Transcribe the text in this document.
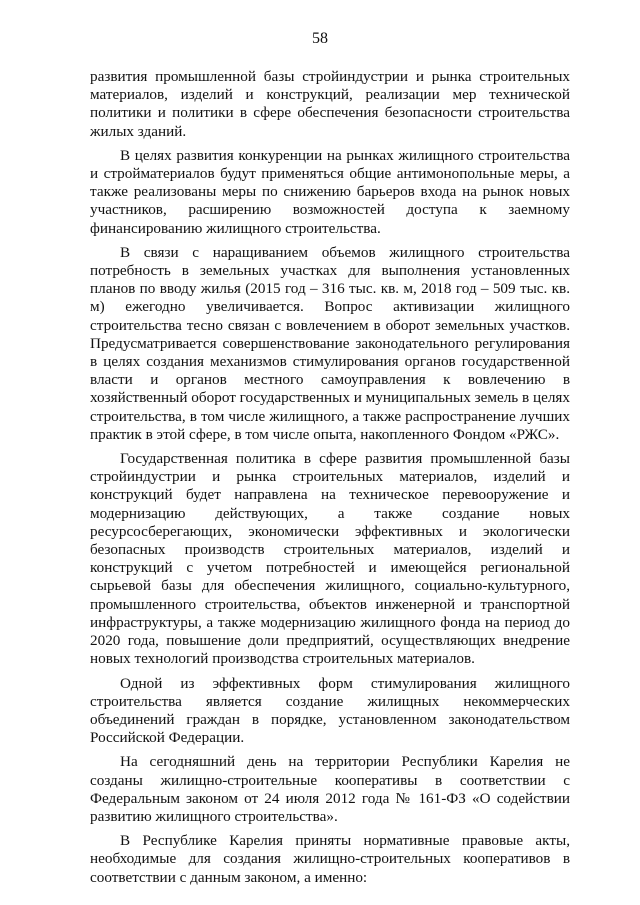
58

развития промышленной базы стройиндустрии и рынка строительных материалов, изделий и конструкций, реализации мер технической политики и политики в сфере обеспечения безопасности строительства жилых зданий.

В целях развития конкуренции на рынках жилищного строительства и стройматериалов будут применяться общие антимонопольные меры, а также реализованы меры по снижению барьеров входа на рынок новых участников, расширению возможностей доступа к заемному финансированию жилищного строительства.

В связи с наращиванием объемов жилищного строительства потребность в земельных участках для выполнения установленных планов по вводу жилья (2015 год – 316 тыс. кв. м, 2018 год – 509 тыс. кв. м) ежегодно увеличивается. Вопрос активизации жилищного строительства тесно связан с вовлечением в оборот земельных участков. Предусматривается совершенствование законодательного регулирования в целях создания механизмов стимулирования органов государственной власти и органов местного самоуправления к вовлечению в хозяйственный оборот государственных и муниципальных земель в целях строительства, в том числе жилищного, а также распространение лучших практик в этой сфере, в том числе опыта, накопленного Фондом «РЖС».

Государственная политика в сфере развития промышленной базы стройиндустрии и рынка строительных материалов, изделий и конструкций будет направлена на техническое перевооружение и модернизацию действующих, а также создание новых ресурсосберегающих, экономически эффективных и экологически безопасных производств строительных материалов, изделий и конструкций с учетом потребностей и имеющейся региональной сырьевой базы для обеспечения жилищного, социально-культурного, промышленного строительства, объектов инженерной и транспортной инфраструктуры, а также модернизацию жилищного фонда на период до 2020 года, повышение доли предприятий, осуществляющих внедрение новых технологий производства строительных материалов.

Одной из эффективных форм стимулирования жилищного строительства является создание жилищных некоммерческих объединений граждан в порядке, установленном законодательством Российской Федерации.

На сегодняшний день на территории Республики Карелия не созданы жилищно-строительные кооперативы в соответствии с Федеральным законом от 24 июля 2012 года № 161-ФЗ «О содействии развитию жилищного строительства».

В Республике Карелия приняты нормативные правовые акты, необходимые для создания жилищно-строительных кооперативов в соответствии с данным законом, а именно:
